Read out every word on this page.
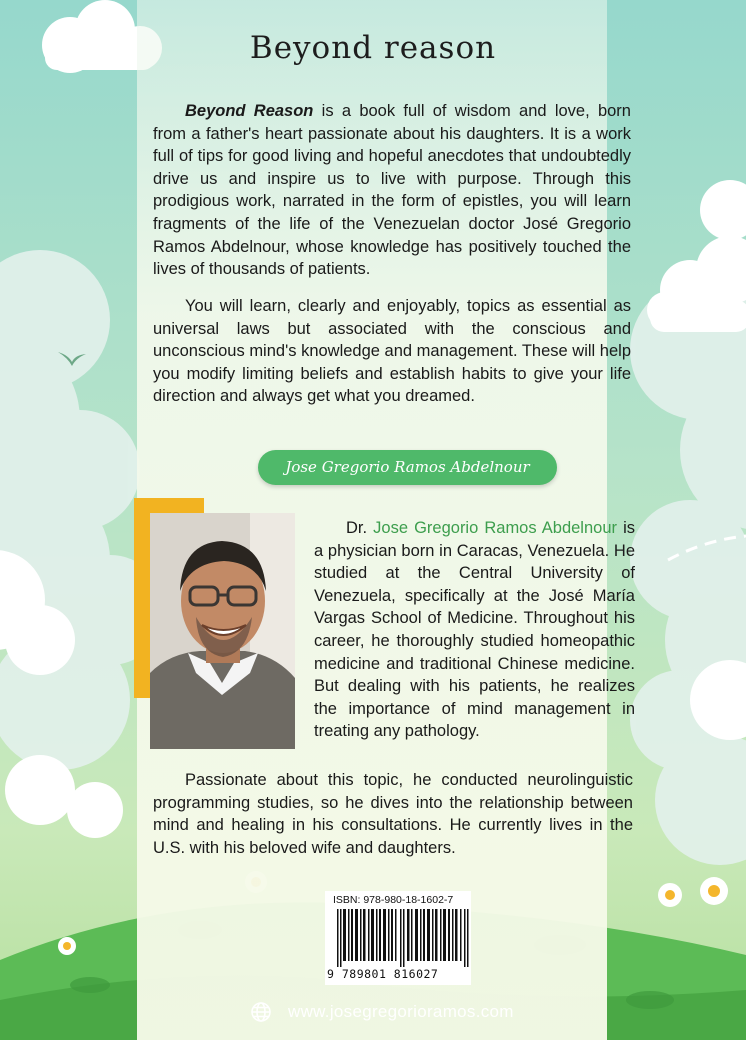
Beyond reason
Beyond Reason is a book full of wisdom and love, born from a father's heart passionate about his daughters. It is a work full of tips for good living and hopeful anecdotes that undoubtedly drive us and inspire us to live with purpose. Through this prodigious work, narrated in the form of epistles, you will learn fragments of the life of the Venezuelan doctor José Gregorio Ramos Abdelnour, whose knowledge has positively touched the lives of thousands of patients.
You will learn, clearly and enjoyably, topics as essential as universal laws but associated with the conscious and unconscious mind's knowledge and management. These will help you modify limiting beliefs and establish habits to give your life direction and always get what you dreamed.
Jose Gregorio Ramos Abdelnour
Dr. Jose Gregorio Ramos Abdelnour is a physician born in Caracas, Venezuela. He studied at the Central University of Venezuela, specifically at the José María Vargas School of Medicine. Throughout his career, he thoroughly studied homeopathic medicine and traditional Chinese medicine. But dealing with his patients, he realizes the importance of mind management in treating any pathology.
Passionate about this topic, he conducted neurolinguistic programming studies, so he dives into the relationship between mind and healing in his consultations. He currently lives in the U.S. with his beloved wife and daughters.
ISBN: 978-980-18-1602-7
9 789801 816027
www.josegregorioramos.com
